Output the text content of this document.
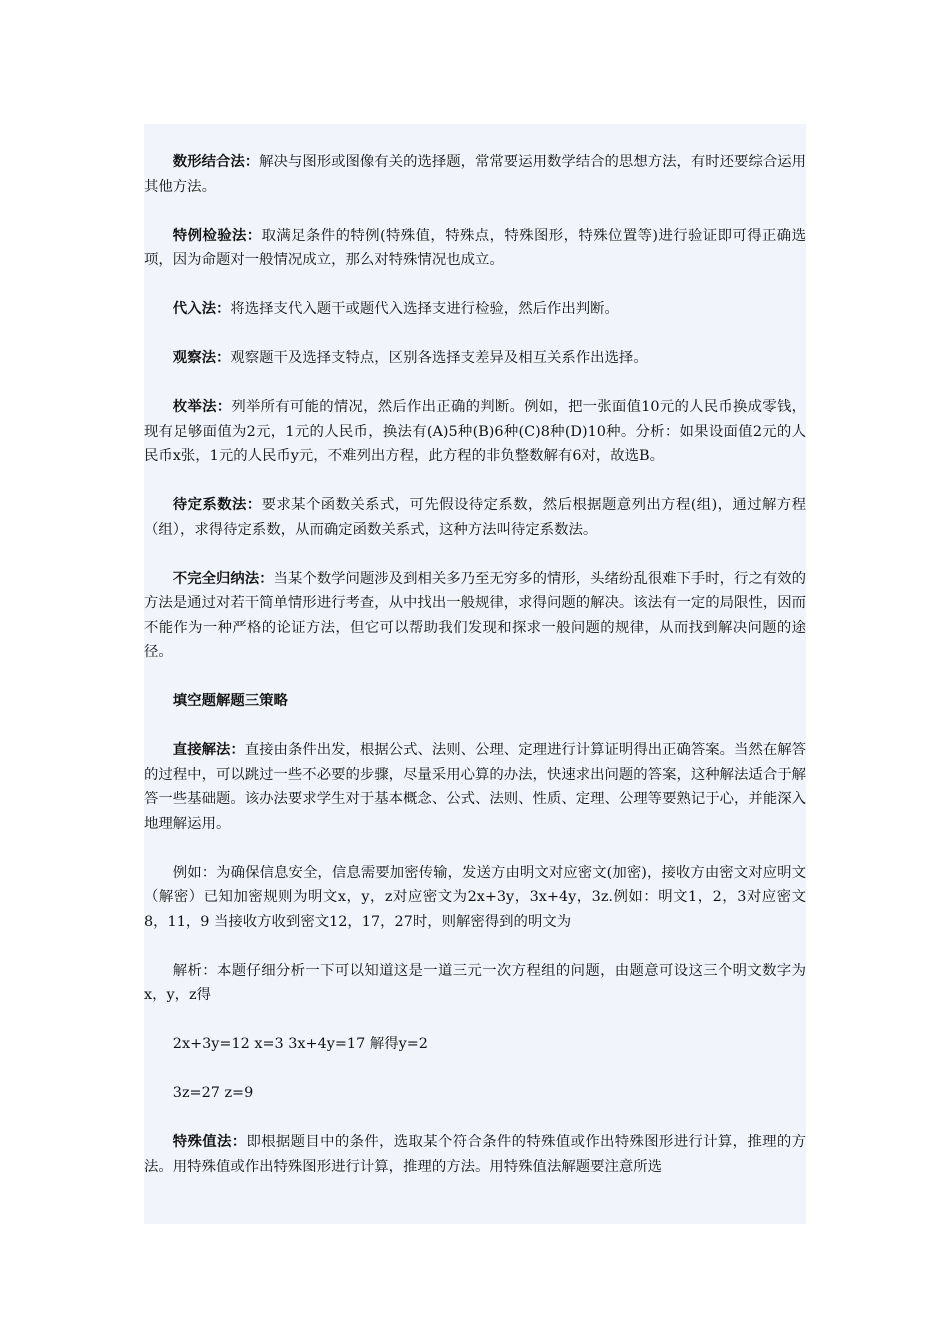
数形结合法：解决与图形或图像有关的选择题，常常要运用数学结合的思想方法，有时还要综合运用其他方法。

特例检验法：取满足条件的特例(特殊值，特殊点，特殊图形，特殊位置等)进行验证即可得正确选项，因为命题对一般情况成立，那么对特殊情况也成立。

代入法：将选择支代入题干或题代入选择支进行检验，然后作出判断。

观察法：观察题干及选择支特点，区别各选择支差异及相互关系作出选择。

枚举法：列举所有可能的情况，然后作出正确的判断。例如，把一张面值10元的人民币换成零钱，现有足够面值为2元，1元的人民币，换法有(A)5种(B)6种(C)8种(D)10种。分析：如果设面值2元的人民币x张，1元的人民币y元，不难列出方程，此方程的非负整数解有6对，故选B。

待定系数法：要求某个函数关系式，可先假设待定系数，然后根据题意列出方程(组)，通过解方程（组），求得待定系数，从而确定函数关系式，这种方法叫待定系数法。

不完全归纳法：当某个数学问题涉及到相关多乃至无穷多的情形，头绪纷乱很难下手时，行之有效的方法是通过对若干简单情形进行考查，从中找出一般规律，求得问题的解决。该法有一定的局限性，因而不能作为一种严格的论证方法，但它可以帮助我们发现和探求一般问题的规律，从而找到解决问题的途径。

填空题解题三策略

直接解法：直接由条件出发，根据公式、法则、公理、定理进行计算证明得出正确答案。当然在解答的过程中，可以跳过一些不必要的步骤，尽量采用心算的办法，快速求出问题的答案，这种解法适合于解答一些基础题。该办法要求学生对于基本概念、公式、法则、性质、定理、公理等要熟记于心，并能深入地理解运用。

例如：为确保信息安全，信息需要加密传输，发送方由明文对应密文(加密)，接收方由密文对应明文（解密）已知加密规则为明文x，y，z对应密文为2x+3y，3x+4y，3z.例如：明文1，2，3对应密文8，11，9 当接收方收到密文12，17，27时，则解密得到的明文为

解析：本题仔细分析一下可以知道这是一道三元一次方程组的问题，由题意可设这三个明文数字为x，y，z得

2x+3y=12 x=3 3x+4y=17 解得y=2

3z=27 z=9

特殊值法：即根据题目中的条件，选取某个符合条件的特殊值或作出特殊图形进行计算，推理的方法。用特殊值或作出特殊图形进行计算，推理的方法。用特殊值法解题要注意所选
